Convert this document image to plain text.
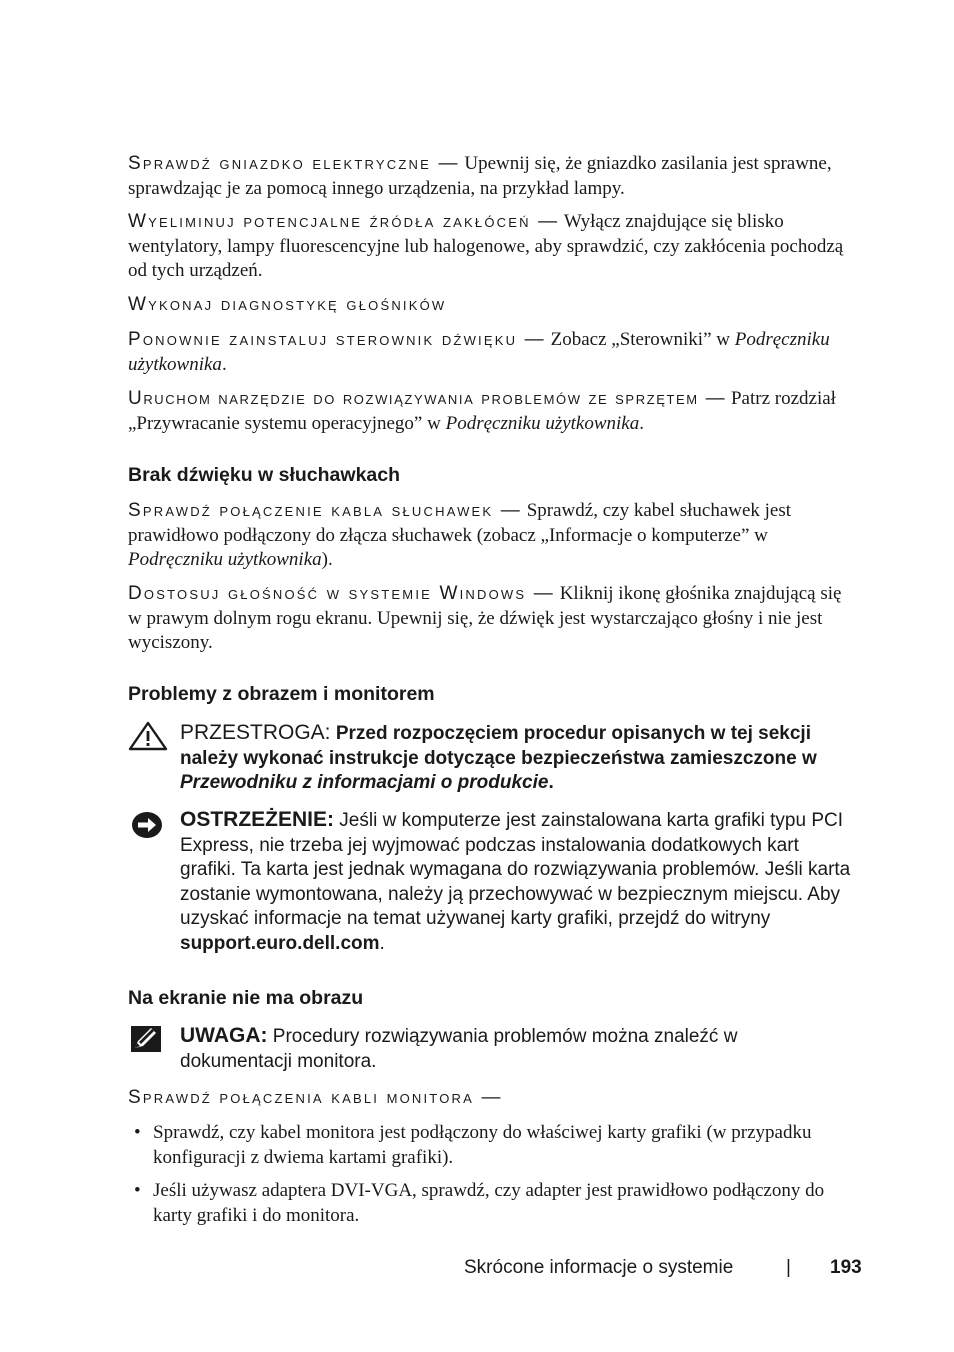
Sprawdź gniazdko elektryczne — Upewnij się, że gniazdko zasilania jest sprawne, sprawdzając je za pomocą innego urządzenia, na przykład lampy.

Wyeliminuj potencjalne źródła zakłóceń — Wyłącz znajdujące się blisko wentylatory, lampy fluorescencyjne lub halogenowe, aby sprawdzić, czy zakłócenia pochodzą od tych urządzeń.

Wykonaj diagnostykę głośników

Ponownie zainstaluj sterownik dźwięku — Zobacz „Sterowniki” w Podręczniku użytkownika.

Uruchom narzędzie do rozwiązywania problemów ze sprzętem — Patrz rozdział „Przywracanie systemu operacyjnego” w Podręczniku użytkownika.

Brak dźwięku w słuchawkach

Sprawdź połączenie kabla słuchawek — Sprawdź, czy kabel słuchawek jest prawidłowo podłączony do złącza słuchawek (zobacz „Informacje o komputerze” w Podręczniku użytkownika).

Dostosuj głośność w systemie Windows — Kliknij ikonę głośnika znajdującą się w prawym dolnym rogu ekranu. Upewnij się, że dźwięk jest wystarczająco głośny i nie jest wyciszony.

Problemy z obrazem i monitorem
PRZESTROGA: Przed rozpoczęciem procedur opisanych w tej sekcji należy wykonać instrukcje dotyczące bezpieczeństwa zamieszczone w Przewodniku z informacjami o produkcie.
OSTRZEŻENIE: Jeśli w komputerze jest zainstalowana karta grafiki typu PCI Express, nie trzeba jej wyjmować podczas instalowania dodatkowych kart grafiki. Ta karta jest jednak wymagana do rozwiązywania problemów. Jeśli karta zostanie wymontowana, należy ją przechowywać w bezpiecznym miejscu. Aby uzyskać informacje na temat używanej karty grafiki, przejdź do witryny support.euro.dell.com.
Na ekranie nie ma obrazu
UWAGA: Procedury rozwiązywania problemów można znaleźć w dokumentacji monitora.

Sprawdź połączenia kabli monitora —

• Sprawdź, czy kabel monitora jest podłączony do właściwej karty grafiki (w przypadku konfiguracji z dwiema kartami grafiki).
• Jeśli używasz adaptera DVI-VGA, sprawdź, czy adapter jest prawidłowo podłączony do karty grafiki i do monitora.
Skrócone informacje o systemie	| 193
